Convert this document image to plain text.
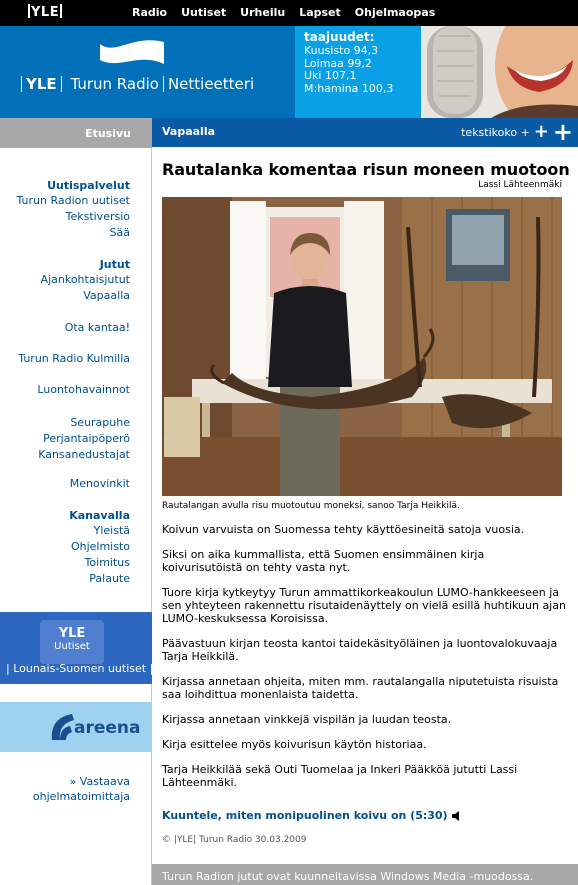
YLE	Radio Uutiset Urheilu Lapset Ohjelmaopas
YLE Turun Radio Nettieetteri
taajuudet:
Kuusisto 94,3
Loimaa 99,2
Uki 107,1
M:hamina 100,3
Etusivu
Uutispalvelut
Turun Radion uutiset
Tekstiversio
Sää
Jutut
Ajankohtaisjutut
Vapaalla
Ota kantaa!
Turun Radio Kulmilla
Luontohavainnot
Seurapuhe
Perjantaipöperö
Kansanedustajat
Menovinkit
Kanavalla
Yleistä
Ohjelmisto
Toimitus
Palaute
YLE
Uutiset
| Lounais-Suomen uutiset |
areena
» Vastaava
ohjelmatoimittaja
Vapaalla	tekstikoko + + +
Rautalanka komentaa risun moneen muotoon
Lassi Lähteenmäki
Rautalangan avulla risu muotoutuu moneksi, sanoo Tarja Heikkilä.

Koivun varvuista on Suomessa tehty käyttöesineitä satoja vuosia.

Siksi on aika kummallista, että Suomen ensimmäinen kirja koivurisutöistä on tehty vasta nyt.

Tuore kirja kytkeytyy Turun ammattikorkeakoulun LUMO-hankkeeseen ja sen yhteyteen rakennettu risutaidenäyttely on vielä esillä huhtikuun ajan LUMO-keskuksessa Koroisissa.

Päävastuun kirjan teosta kantoi taidekäsityöläinen ja luontovalokuvaaja Tarja Heikkilä.

Kirjassa annetaan ohjeita, miten mm. rautalangalla niputetuista risuista saa loihdittua monenlaista taidetta.

Kirjassa annetaan vinkkejä vispilän ja luudan teosta.

Kirja esittelee myös koivurisun käytön historiaa.

Tarja Heikkilää sekä Outi Tuomelaa ja Inkeri Pääkköä jututti Lassi Lähteenmäki.

Kuuntele, miten monipuolinen koivu on (5:30)
© |YLE| Turun Radio 30.03.2009
Turun Radion jutut ovat kuunneltavissa Windows Media -muodossa.
